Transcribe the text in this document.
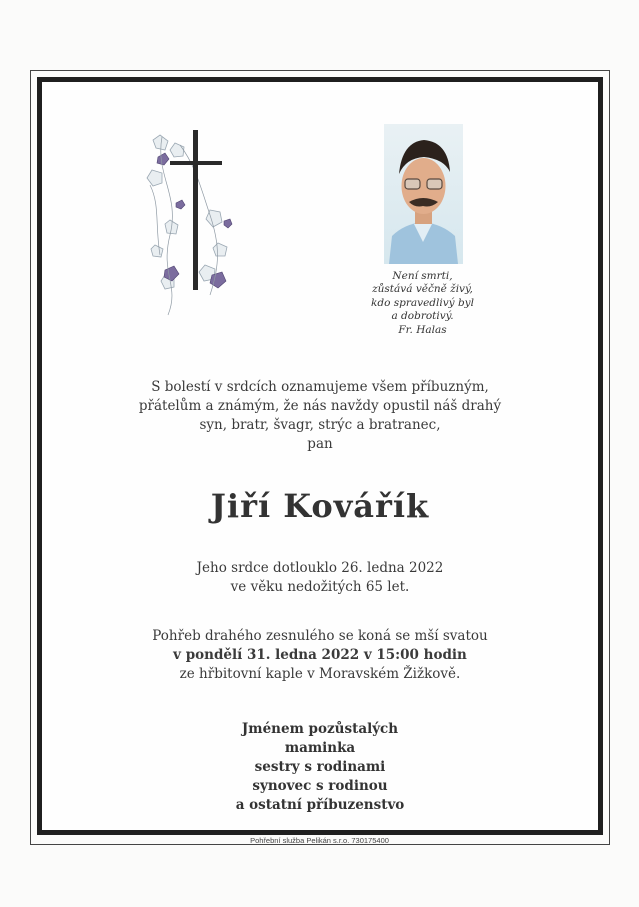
Není smrti,
zůstává věčně živý,
kdo spravedlivý byl
a dobrotivý.
Fr. Halas
S bolestí v srdcích oznamujeme všem příbuzným,
přátelům a známým, že nás navždy opustil náš drahý
syn, bratr, švagr, strýc a bratranec,
pan
Jiří Kovářík
Jeho srdce dotlouklo 26. ledna 2022
ve věku nedožitých 65 let.
Pohřeb drahého zesnulého se koná se mší svatou
v pondělí 31. ledna 2022 v 15:00 hodin
ze hřbitovní kaple v Moravském Žižkově.
Jménem pozůstalých
maminka
sestry s rodinami
synovec s rodinou
a ostatní příbuzenstvo
Pohřební služba Pelikán s.r.o. 730175400
